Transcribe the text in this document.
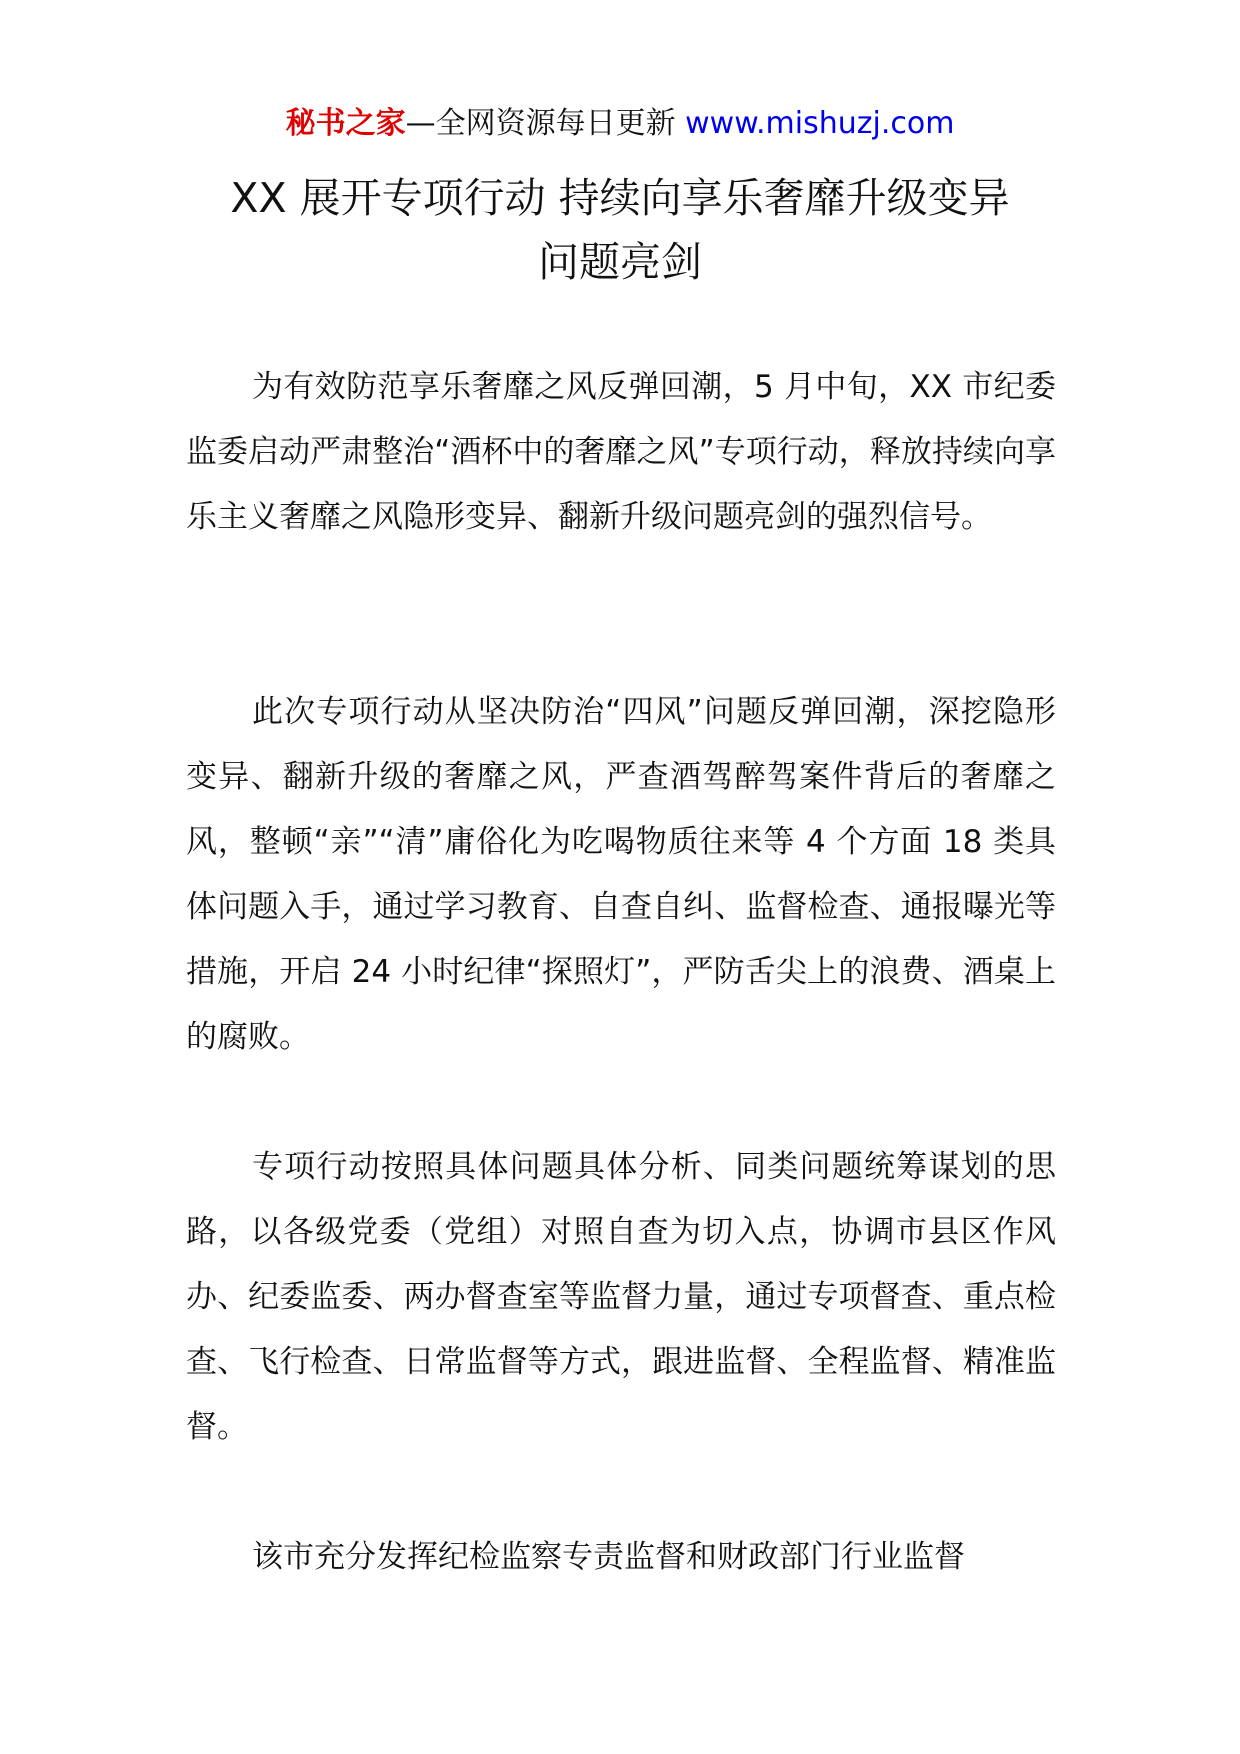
秘书之家—全网资源每日更新 www.mishuzj.com
XX 展开专项行动 持续向享乐奢靡升级变异
问题亮剑

为有效防范享乐奢靡之风反弹回潮，5 月中旬，XX 市纪委监委启动严肃整治“酒杯中的奢靡之风”专项行动，释放持续向享乐主义奢靡之风隐形变异、翻新升级问题亮剑的强烈信号。

此次专项行动从坚决防治“四风”问题反弹回潮，深挖隐形变异、翻新升级的奢靡之风，严查酒驾醉驾案件背后的奢靡之风，整顿“亲”“清”庸俗化为吃喝物质往来等 4 个方面 18 类具体问题入手，通过学习教育、自查自纠、监督检查、通报曝光等措施，开启 24 小时纪律“探照灯”，严防舌尖上的浪费、酒桌上的腐败。

专项行动按照具体问题具体分析、同类问题统筹谋划的思路，以各级党委（党组）对照自查为切入点，协调市县区作风办、纪委监委、两办督查室等监督力量，通过专项督查、重点检查、飞行检查、日常监督等方式，跟进监督、全程监督、精准监督。

该市充分发挥纪检监察专责监督和财政部门行业监督
